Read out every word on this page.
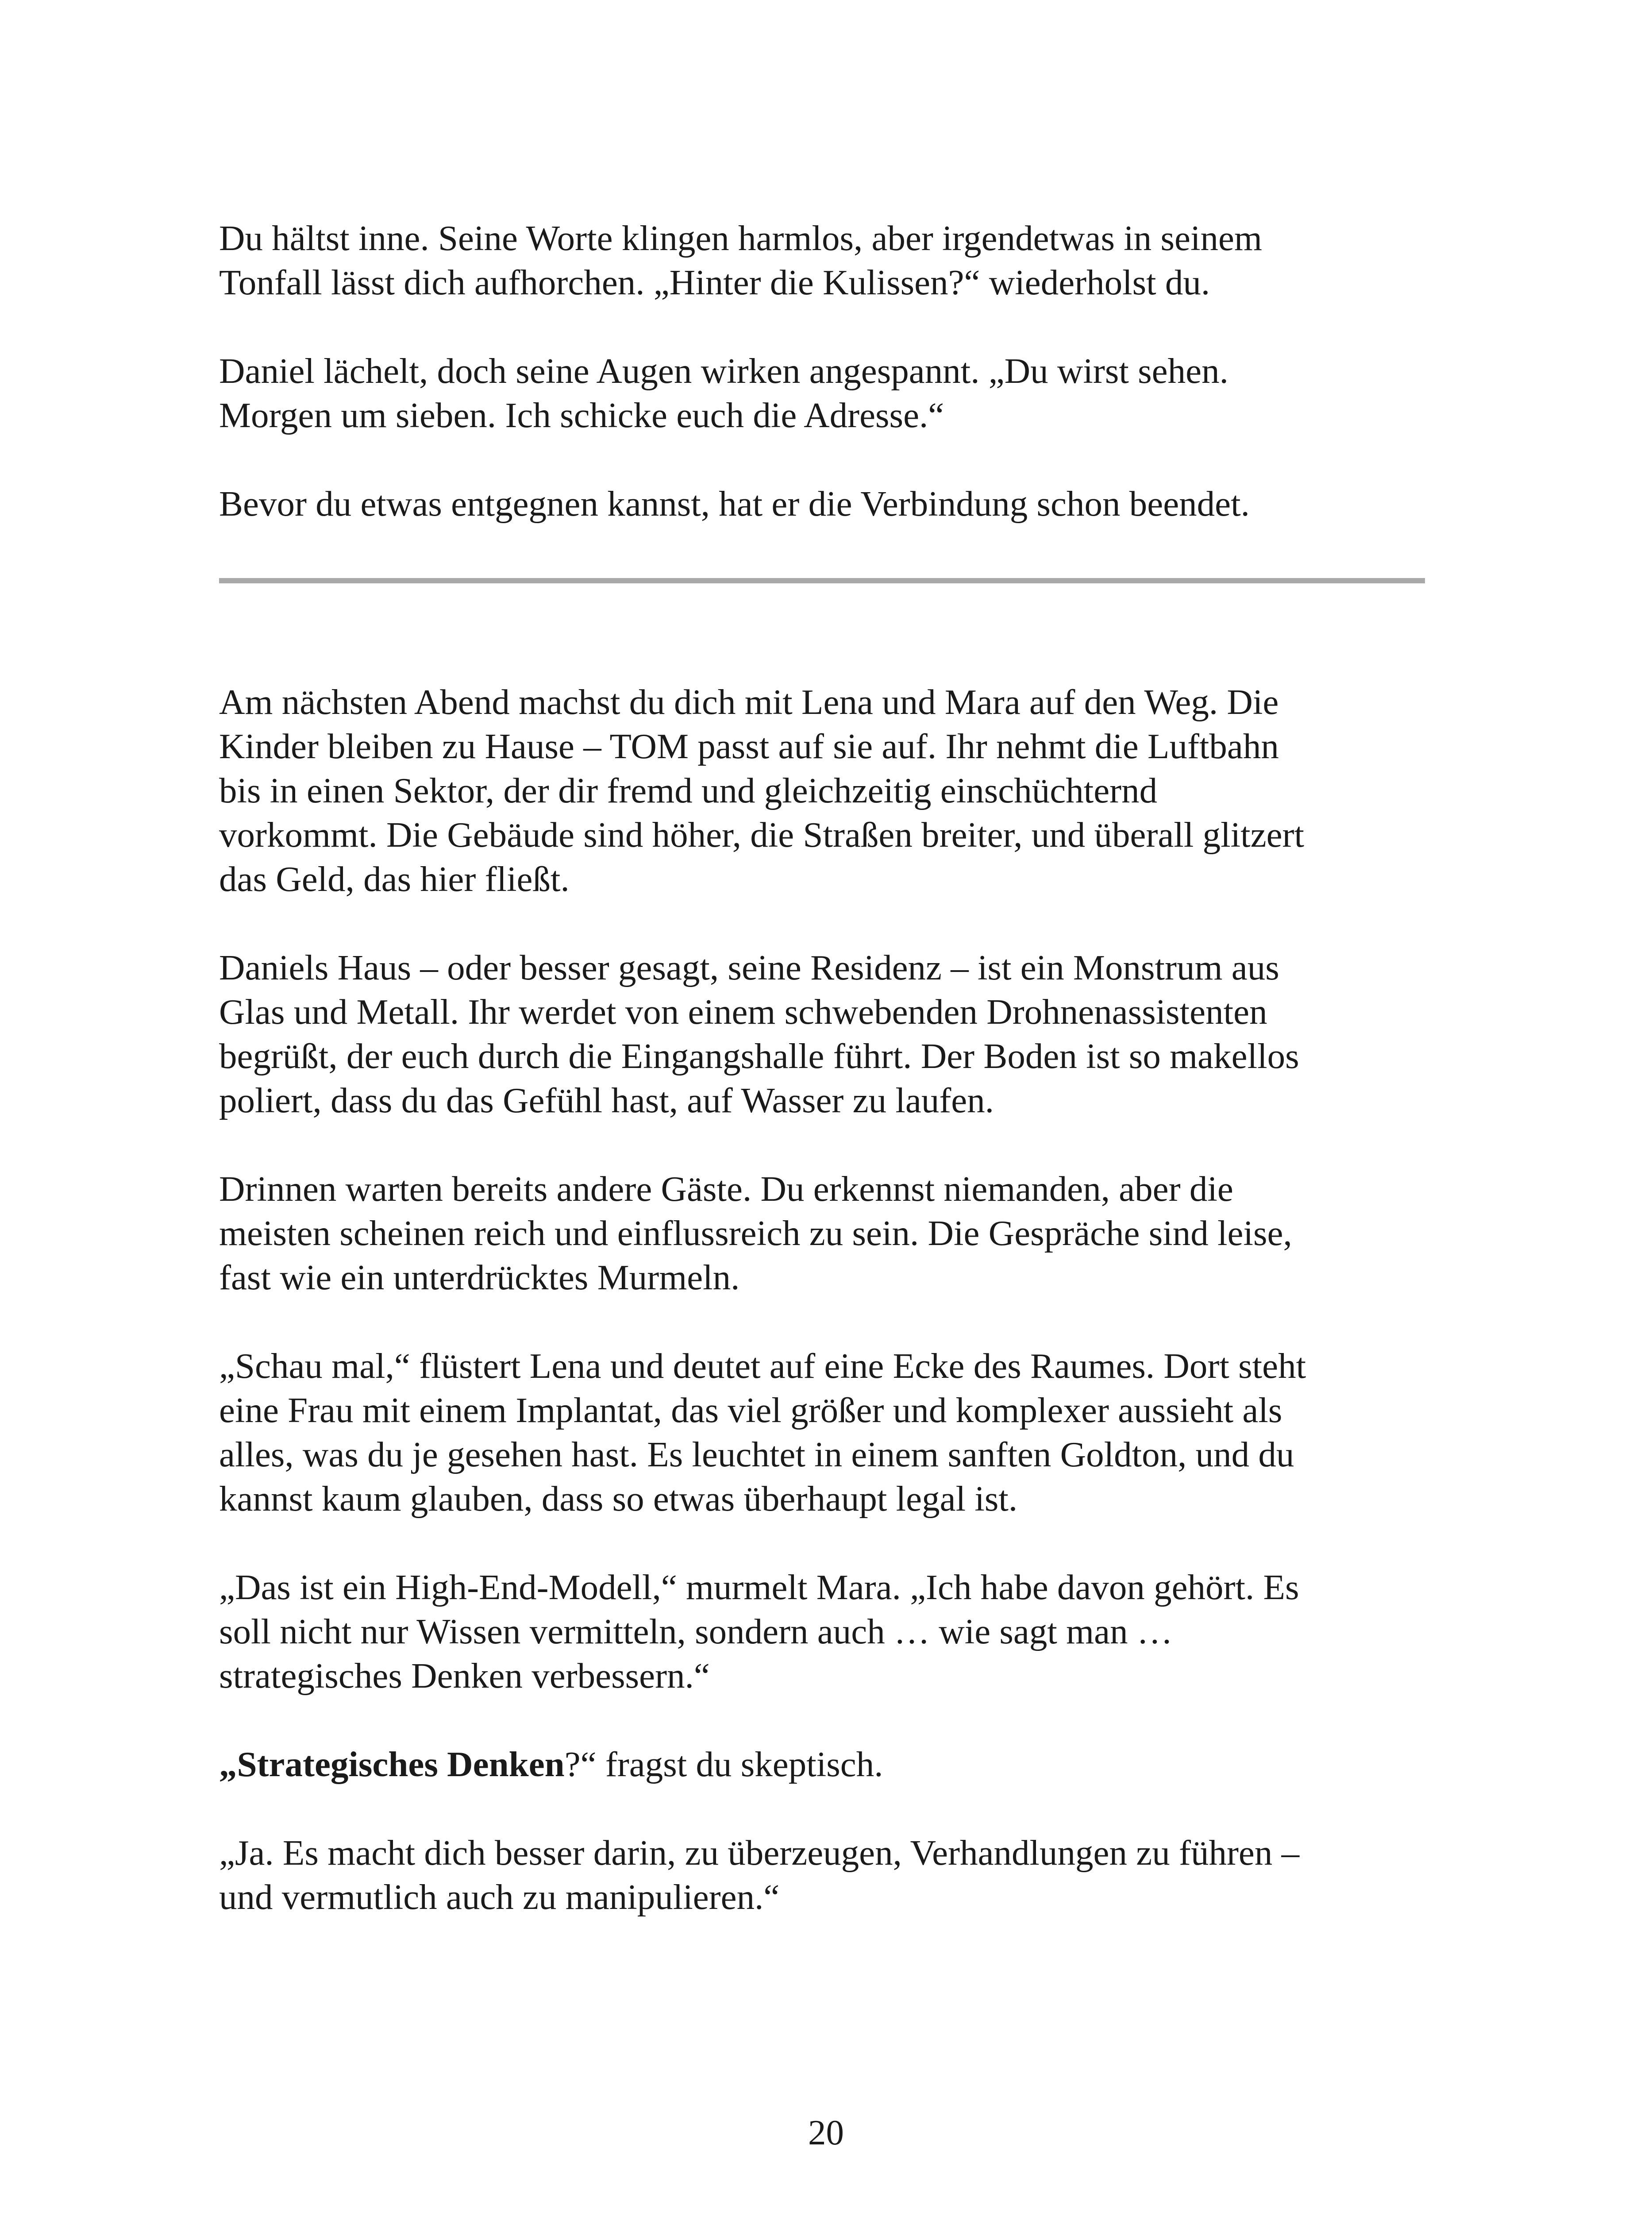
Du hältst inne. Seine Worte klingen harmlos, aber irgendetwas in seinem
Tonfall lässt dich aufhorchen. „Hinter die Kulissen?“ wiederholst du.

Daniel lächelt, doch seine Augen wirken angespannt. „Du wirst sehen.
Morgen um sieben. Ich schicke euch die Adresse.“

Bevor du etwas entgegnen kannst, hat er die Verbindung schon beendet.

Am nächsten Abend machst du dich mit Lena und Mara auf den Weg. Die
Kinder bleiben zu Hause – TOM passt auf sie auf. Ihr nehmt die Luftbahn
bis in einen Sektor, der dir fremd und gleichzeitig einschüchternd
vorkommt. Die Gebäude sind höher, die Straßen breiter, und überall glitzert
das Geld, das hier fließt.

Daniels Haus – oder besser gesagt, seine Residenz – ist ein Monstrum aus
Glas und Metall. Ihr werdet von einem schwebenden Drohnenassistenten
begrüßt, der euch durch die Eingangshalle führt. Der Boden ist so makellos
poliert, dass du das Gefühl hast, auf Wasser zu laufen.

Drinnen warten bereits andere Gäste. Du erkennst niemanden, aber die
meisten scheinen reich und einflussreich zu sein. Die Gespräche sind leise,
fast wie ein unterdrücktes Murmeln.

„Schau mal,“ flüstert Lena und deutet auf eine Ecke des Raumes. Dort steht
eine Frau mit einem Implantat, das viel größer und komplexer aussieht als
alles, was du je gesehen hast. Es leuchtet in einem sanften Goldton, und du
kannst kaum glauben, dass so etwas überhaupt legal ist.

„Das ist ein High-End-Modell,“ murmelt Mara. „Ich habe davon gehört. Es
soll nicht nur Wissen vermitteln, sondern auch … wie sagt man …
strategisches Denken verbessern.“

„Strategisches Denken?“ fragst du skeptisch.

„Ja. Es macht dich besser darin, zu überzeugen, Verhandlungen zu führen –
und vermutlich auch zu manipulieren.“

20
